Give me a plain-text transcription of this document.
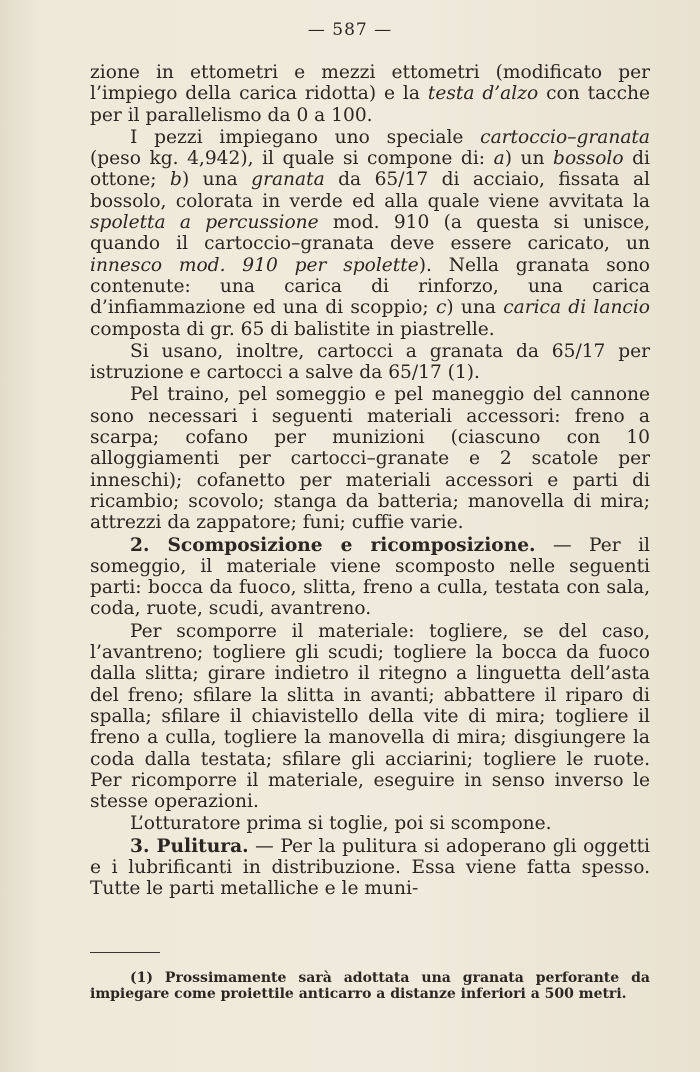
— 587 —

zione in ettometri e mezzi ettometri (modificato per l’impiego della carica ridotta) e la testa d’alzo con tacche per il parallelismo da 0 a 100.

I pezzi impiegano uno speciale cartoccio–granata (peso kg. 4,942), il quale si compone di: a) un bossolo di ottone; b) una granata da 65/17 di acciaio, fissata al bossolo, colorata in verde ed alla quale viene avvitata la spoletta a percussione mod. 910 (a questa si unisce, quando il cartoccio–granata deve essere caricato, un innesco mod. 910 per spolette). Nella granata sono contenute: una carica di rinforzo, una carica d’infiammazione ed una di scoppio; c) una carica di lancio composta di gr. 65 di balistite in piastrelle.

Si usano, inoltre, cartocci a granata da 65/17 per istruzione e cartocci a salve da 65/17 (1).

Pel traino, pel someggio e pel maneggio del cannone sono necessari i seguenti materiali accessori: freno a scarpa; cofano per munizioni (ciascuno con 10 alloggiamenti per cartocci–granate e 2 scatole per inneschi); cofanetto per materiali accessori e parti di ricambio; scovolo; stanga da batteria; manovella di mira; attrezzi da zappatore; funi; cuffie varie.

2. Scomposizione e ricomposizione. — Per il someggio, il materiale viene scomposto nelle seguenti parti: bocca da fuoco, slitta, freno a culla, testata con sala, coda, ruote, scudi, avantreno.

Per scomporre il materiale: togliere, se del caso, l’avantreno; togliere gli scudi; togliere la bocca da fuoco dalla slitta; girare indietro il ritegno a linguetta dell’asta del freno; sfilare la slitta in avanti; abbattere il riparo di spalla; sfilare il chiavistello della vite di mira; togliere il freno a culla, togliere la manovella di mira; disgiungere la coda dalla testata; sfilare gli acciarini; togliere le ruote. Per ricomporre il materiale, eseguire in senso inverso le stesse operazioni.

L’otturatore prima si toglie, poi si scompone.

3. Pulitura. — Per la pulitura si adoperano gli oggetti e i lubrificanti in distribuzione. Essa viene fatta spesso. Tutte le parti metalliche e le muni-

(1) Prossimamente sarà adottata una granata perforante da impiegare come proiettile anticarro a distanze inferiori a 500 metri.
